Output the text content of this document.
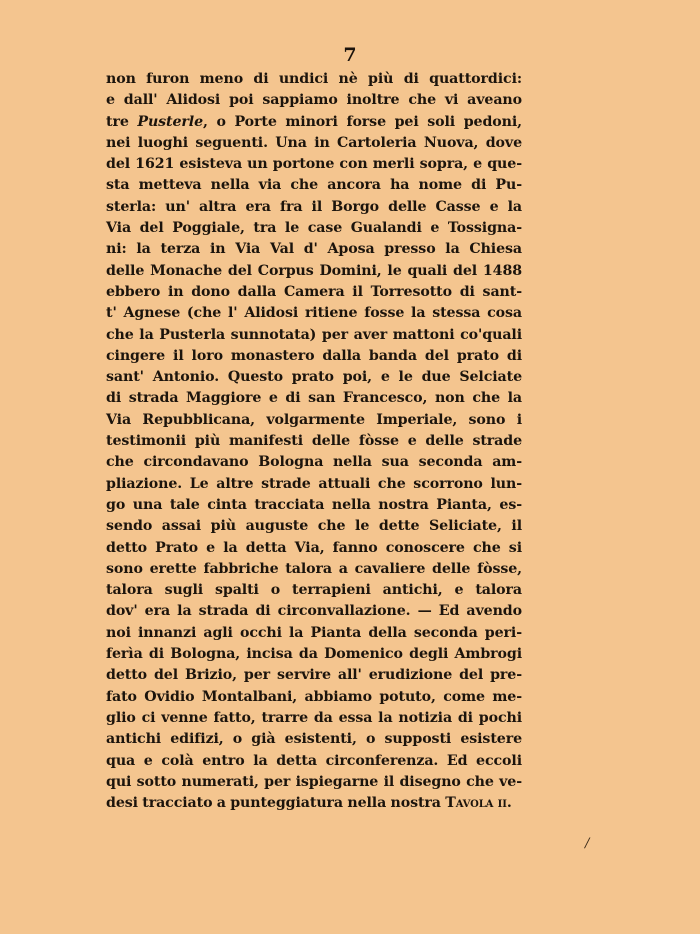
7
non furon meno di undici nè più di quattordici:
e dall' Alidosi poi sappiamo inoltre che vi aveano
tre Pusterle, o Porte minori forse pei soli pedoni,
nei luoghi seguenti. Una in Cartoleria Nuova, dove
del 1621 esisteva un portone con merli sopra, e que-
sta metteva nella via che ancora ha nome di Pu-
sterla: un' altra era fra il Borgo delle Casse e la
Via del Poggiale, tra le case Gualandi e Tossigna-
ni: la terza in Via Val d' Aposa presso la Chiesa
delle Monache del Corpus Domini, le quali del 1488
ebbero in dono dalla Camera il Torresotto di sant-
t' Agnese (che l' Alidosi ritiene fosse la stessa cosa
che la Pusterla sunnotata) per aver mattoni co'quali
cingere il loro monastero dalla banda del prato di
sant' Antonio. Questo prato poi, e le due Selciate
di strada Maggiore e di san Francesco, non che la
Via Repubblicana, volgarmente Imperiale, sono i
testimonii più manifesti delle fòsse e delle strade
che circondavano Bologna nella sua seconda am-
pliazione. Le altre strade attuali che scorrono lun-
go una tale cinta tracciata nella nostra Pianta, es-
sendo assai più auguste che le dette Seliciate, il
detto Prato e la detta Via, fanno conoscere che si
sono erette fabbriche talora a cavaliere delle fòsse,
talora sugli spalti o terrapieni antichi, e talora
dov' era la strada di circonvallazione. — Ed avendo
noi innanzi agli occhi la Pianta della seconda peri-
ferìa di Bologna, incisa da Domenico degli Ambrogi
detto del Brizio, per servire all' erudizione del pre-
fato Ovidio Montalbani, abbiamo potuto, come me-
glio ci venne fatto, trarre da essa la notizia di pochi
antichi edifizi, o già esistenti, o supposti esistere
qua e colà entro la detta circonferenza. Ed eccoli
qui sotto numerati, per ispiegarne il disegno che ve-
desi tracciato a punteggiatura nella nostra Tavola ii.
/
